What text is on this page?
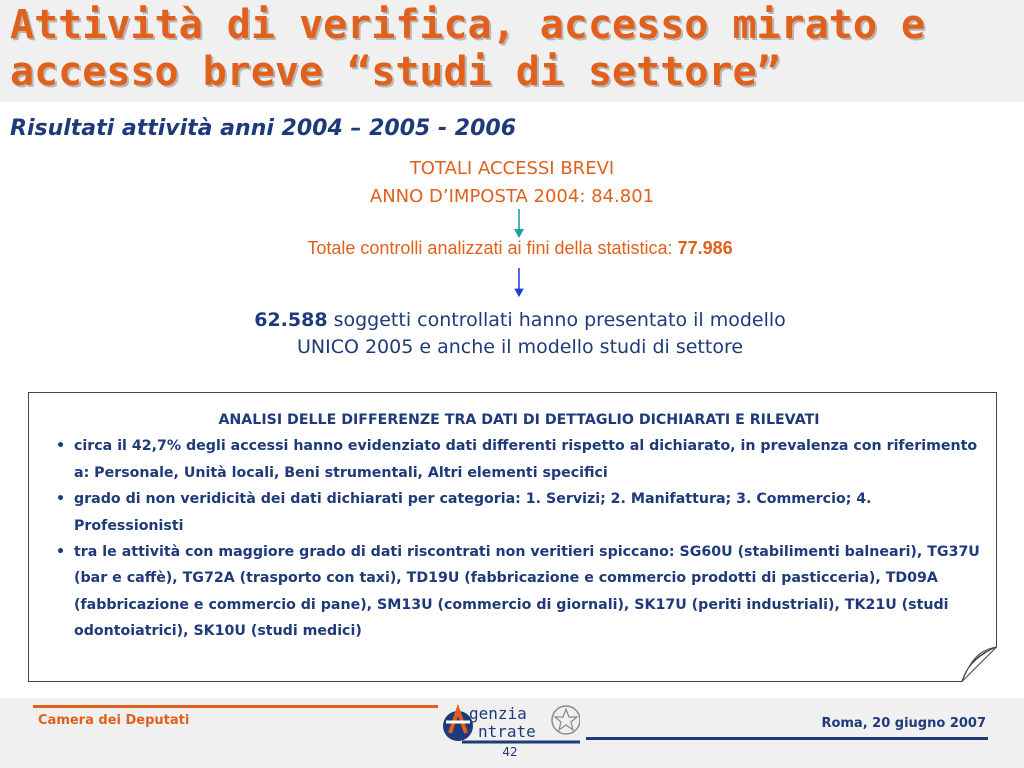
Attività di verifica, accesso mirato e accesso breve “studi di settore”
Risultati attività anni 2004 – 2005 - 2006
TOTALI ACCESSI BREVI
ANNO D’IMPOSTA 2004: 84.801
Totale controlli analizzati ai fini della statistica: 77.986
62.588 soggetti controllati hanno presentato il modello
UNICO 2005 e anche il modello studi di settore
ANALISI DELLE DIFFERENZE TRA DATI DI DETTAGLIO DICHIARATI E RILEVATI
• circa il 42,7% degli accessi hanno evidenziato dati differenti rispetto al dichiarato, in prevalenza con riferimento a: Personale, Unità locali, Beni strumentali, Altri elementi specifici
• grado di non veridicità dei dati dichiarati per categoria: 1. Servizi; 2. Manifattura; 3. Commercio; 4. Professionisti
• tra le attività con maggiore grado di dati riscontrati non veritieri spiccano: SG60U (stabilimenti balneari), TG37U (bar e caffè), TG72A (trasporto con taxi), TD19U (fabbricazione e commercio prodotti di pasticceria), TD09A (fabbricazione e commercio di pane), SM13U (commercio di giornali), SK17U (periti industriali), TK21U (studi odontoiatrici), SK10U (studi medici)
Camera dei Deputati	genzia
ntrate	Roma, 20 giugno 2007
42
